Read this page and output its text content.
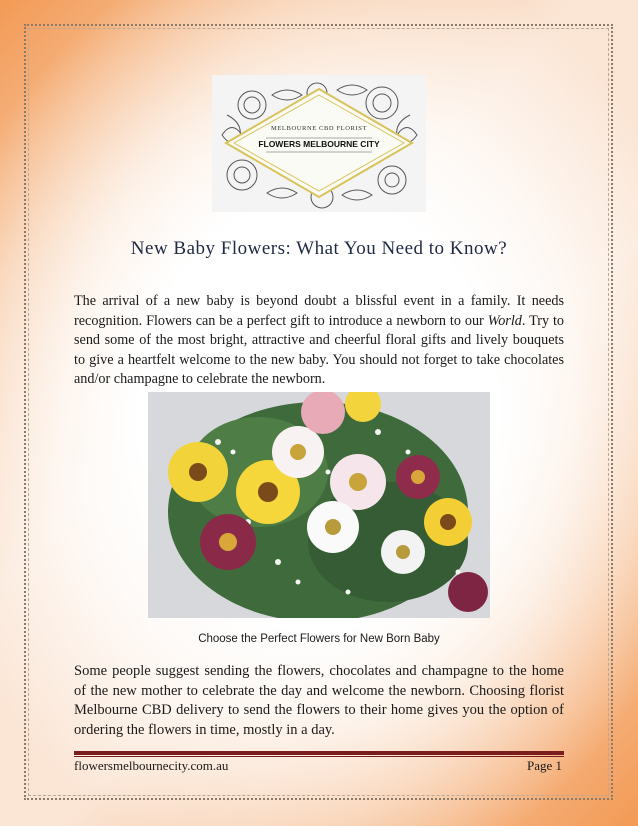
MELBOURNE CBD FLORIST
FLOWERS MELBOURNE CITY
New Baby Flowers: What You Need to Know?

The arrival of a new baby is beyond doubt a blissful event in a family. It needs recognition. Flowers can be a perfect gift to introduce a newborn to our World. Try to send some of the most bright, attractive and cheerful floral gifts and lively bouquets to give a heartfelt welcome to the new baby. You should not forget to take chocolates and/or champagne to celebrate the newborn.

Choose the Perfect Flowers for New Born Baby

Some people suggest sending the flowers, chocolates and champagne to the home of the new mother to celebrate the day and welcome the newborn. Choosing florist Melbourne CBD delivery to send the flowers to their home gives you the option of ordering the flowers in time, mostly in a day.

flowersmelbournecity.com.au	Page 1
